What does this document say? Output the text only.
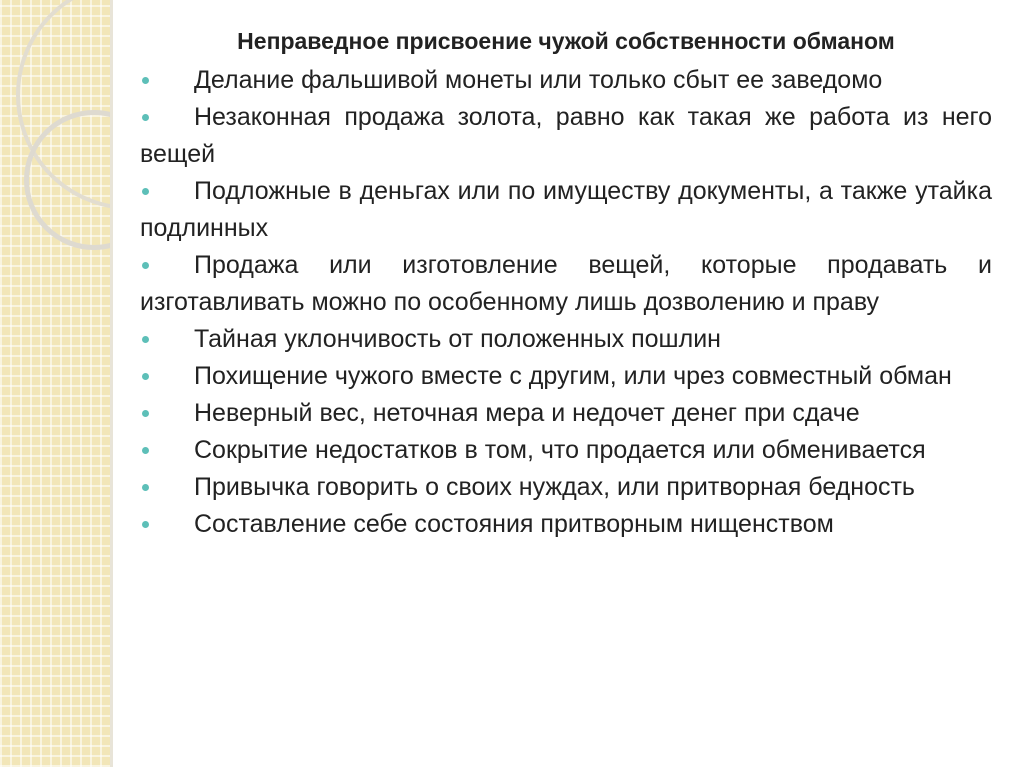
Неправедное присвоение чужой собственности обманом
Делание фальшивой монеты или только сбыт ее заведомо
Незаконная продажа золота, равно как такая же работа из него вещей
Подложные в деньгах или по имуществу документы, а также утайка подлинных
Продажа или изготовление вещей, которые продавать и изготавливать можно по особенному лишь дозволению и праву
Тайная уклончивость от положенных пошлин
Похищение чужого вместе с другим, или чрез совместный обман
Неверный вес, неточная мера и недочет денег при сдаче
Сокрытие недостатков в том, что продается или обменивается
Привычка говорить о своих нуждах, или притворная бедность
Составление себе состояния притворным нищенством
